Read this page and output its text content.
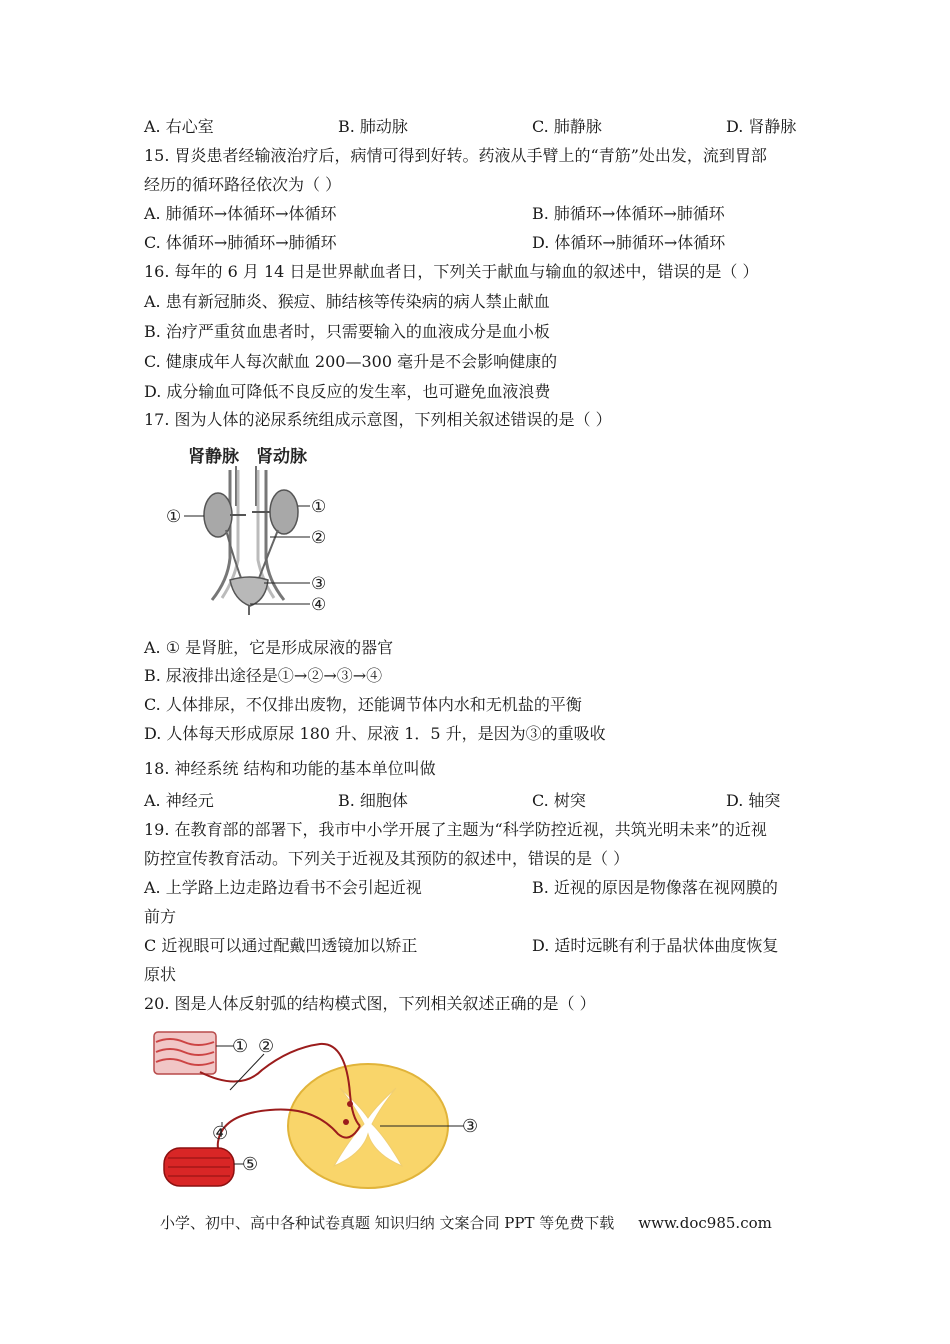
A. 右心室	B. 肺动脉	C. 肺静脉	D. 肾静脉
15. 胃炎患者经输液治疗后，病情可得到好转。药液从手臂上的“青筋”处出发，流到胃部
经历的循环路径依次为（ ）
A. 肺循环→体循环→体循环	B. 肺循环→体循环→肺循环
C. 体循环→肺循环→肺循环	D. 体循环→肺循环→体循环
16. 每年的 6 月 14 日是世界献血者日，下列关于献血与输血的叙述中，错误的是（ ）
A. 患有新冠肺炎、猴痘、肺结核等传染病的病人禁止献血
B. 治疗严重贫血患者时，只需要输入的血液成分是血小板
C. 健康成年人每次献血 200—300 毫升是不会影响健康的
D. 成分输血可降低不良反应的发生率，也可避免血液浪费
17. 图为人体的泌尿系统组成示意图，下列相关叙述错误的是（ ）
肾静脉 肾动脉
①	①
②
③
④
A. ① 是肾脏，它是形成尿液的器官
B. 尿液排出途径是①→②→③→④
C. 人体排尿，不仅排出废物，还能调节体内水和无机盐的平衡
D. 人体每天形成原尿 180 升、尿液 1．5 升，是因为③的重吸收
18. 神经系统 结构和功能的基本单位叫做
A. 神经元	B. 细胞体	C. 树突	D. 轴突
19. 在教育部的部署下，我市中小学开展了主题为“科学防控近视，共筑光明未来”的近视
防控宣传教育活动。下列关于近视及其预防的叙述中，错误的是（ ）
A. 上学路上边走路边看书不会引起近视	B. 近视的原因是物像落在视网膜的
前方
C 近视眼可以通过配戴凹透镜加以矫正	D. 适时远眺有利于晶状体曲度恢复
原状
20. 图是人体反射弧的结构模式图，下列相关叙述正确的是（ ）
① ②
③
④
⑤
小学、初中、高中各种试卷真题 知识归纳 文案合同 PPT 等免费下载 www.doc985.com
